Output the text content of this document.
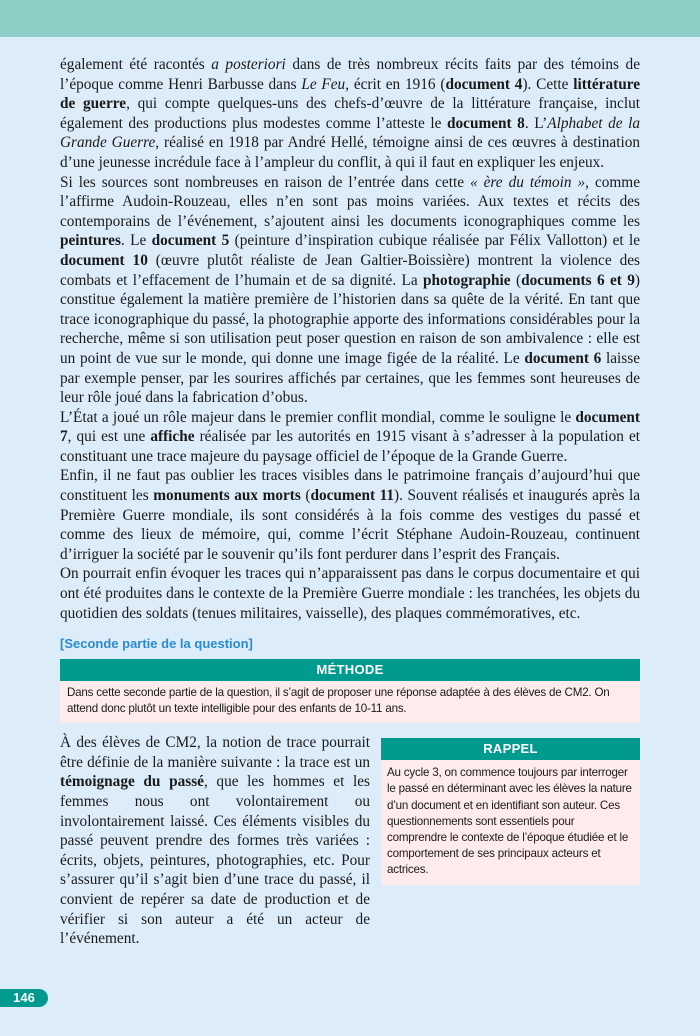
également été racontés a posteriori dans de très nombreux récits faits par des témoins de l’époque comme Henri Barbusse dans Le Feu, écrit en 1916 (document 4). Cette littérature de guerre, qui compte quelques-uns des chefs-d’œuvre de la littérature française, inclut également des productions plus modestes comme l’atteste le document 8. L’Alphabet de la Grande Guerre, réalisé en 1918 par André Hellé, témoigne ainsi de ces œuvres à destination d’une jeunesse incrédule face à l’ampleur du conflit, à qui il faut en expliquer les enjeux.

Si les sources sont nombreuses en raison de l’entrée dans cette « ère du témoin », comme l’affirme Audoin-Rouzeau, elles n’en sont pas moins variées. Aux textes et récits des contemporains de l’événement, s’ajoutent ainsi les documents iconographiques comme les peintures. Le document 5 (peinture d’inspiration cubique réalisée par Félix Vallotton) et le document 10 (œuvre plutôt réaliste de Jean Galtier-Boissière) montrent la violence des combats et l’effacement de l’humain et de sa dignité. La photographie (documents 6 et 9) constitue également la matière première de l’historien dans sa quête de la vérité. En tant que trace iconographique du passé, la photographie apporte des informations considérables pour la recherche, même si son utilisation peut poser question en raison de son ambivalence : elle est un point de vue sur le monde, qui donne une image figée de la réalité. Le document 6 laisse par exemple penser, par les sourires affichés par certaines, que les femmes sont heureuses de leur rôle joué dans la fabrication d’obus.

L’État a joué un rôle majeur dans le premier conflit mondial, comme le souligne le document 7, qui est une affiche réalisée par les autorités en 1915 visant à s’adresser à la population et constituant une trace majeure du paysage officiel de l’époque de la Grande Guerre.

Enfin, il ne faut pas oublier les traces visibles dans le patrimoine français d’aujourd’hui que constituent les monuments aux morts (document 11). Souvent réalisés et inaugurés après la Première Guerre mondiale, ils sont considérés à la fois comme des vestiges du passé et comme des lieux de mémoire, qui, comme l’écrit Stéphane Audoin-Rouzeau, continuent d’irriguer la société par le souvenir qu’ils font perdurer dans l’esprit des Français.

On pourrait enfin évoquer les traces qui n’apparaissent pas dans le corpus documentaire et qui ont été produites dans le contexte de la Première Guerre mondiale : les tranchées, les objets du quotidien des soldats (tenues militaires, vaisselle), des plaques commémoratives, etc.

[Seconde partie de la question]
MÉTHODE
Dans cette seconde partie de la question, il s’agit de proposer une réponse adaptée à des élèves de CM2. On attend donc plutôt un texte intelligible pour des enfants de 10-11 ans.

À des élèves de CM2, la notion de trace pourrait être définie de la manière suivante : la trace est un témoignage du passé, que les hommes et les femmes nous ont volontairement ou involontairement laissé. Ces éléments visibles du passé peuvent prendre des formes très variées : écrits, objets, peintures, photographies, etc. Pour s’assurer qu’il s’agit bien d’une trace du passé, il convient de repérer sa date de production et de vérifier si son auteur a été un acteur de l’événement.

RAPPEL
Au cycle 3, on commence toujours par interroger le passé en déterminant avec les élèves la nature d’un document et en identifiant son auteur. Ces questionnements sont essentiels pour comprendre le contexte de l’époque étudiée et le comportement de ses principaux acteurs et actrices.
146
